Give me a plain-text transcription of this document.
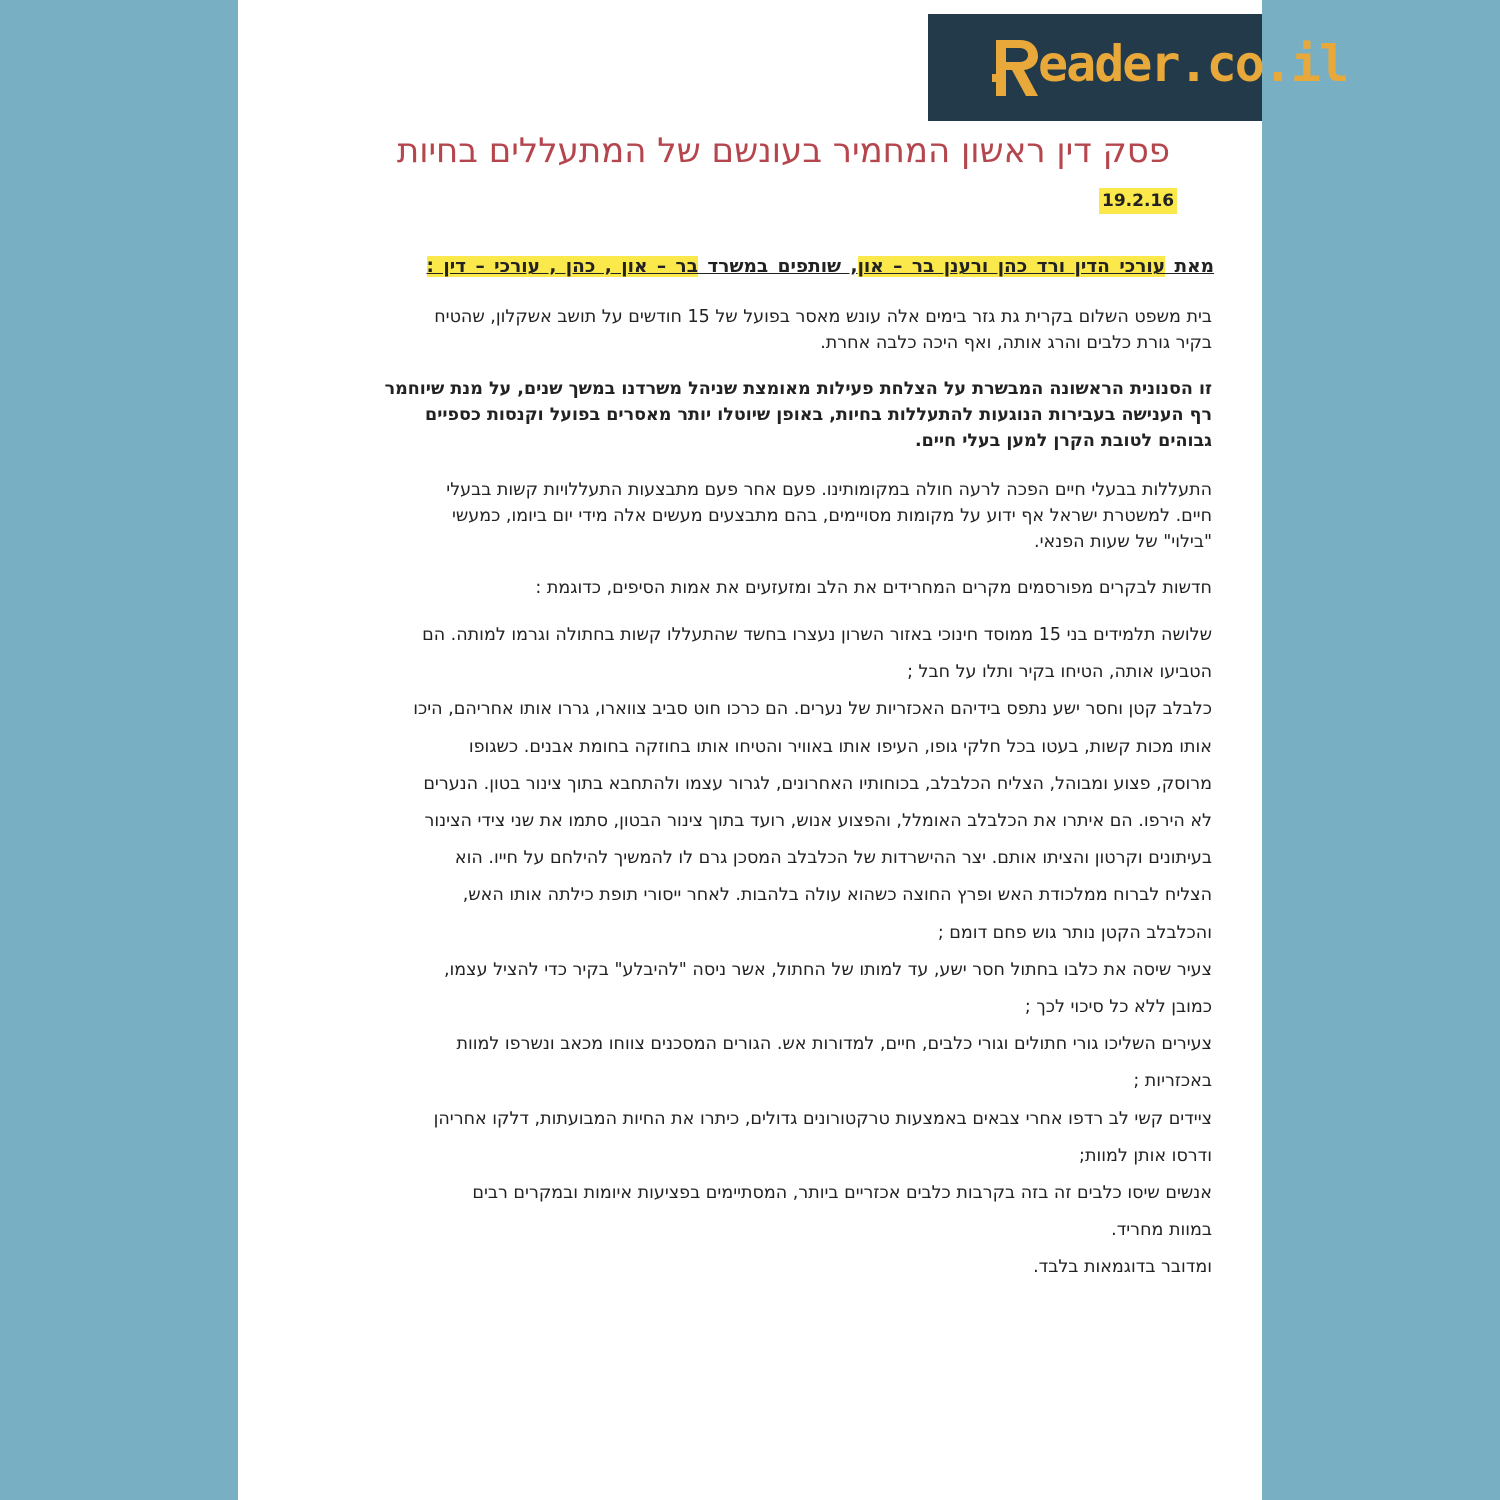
eader.co.il
פסק דין ראשון המחמיר בעונשם של המתעללים בחיות
19.2.16
מאת עורכי הדין ורד כהן ורענן בר – און, שותפים במשרד בר – און , כהן , עורכי – דין :
בית משפט השלום בקרית גת גזר בימים אלה עונש מאסר בפועל של 15 חודשים על תושב אשקלון, שהטיח
בקיר גורת כלבים והרג אותה, ואף היכה כלבה אחרת.
זו הסנונית הראשונה המבשרת על הצלחת פעילות מאומצת שניהל משרדנו במשך שנים, על מנת שיוחמר
רף הענישה בעבירות הנוגעות להתעללות בחיות, באופן שיוטלו יותר מאסרים בפועל וקנסות כספיים
גבוהים לטובת הקרן למען בעלי חיים.
התעללות בבעלי חיים הפכה לרעה חולה במקומותינו. פעם אחר פעם מתבצעות התעללויות קשות בבעלי
חיים. למשטרת ישראל אף ידוע על מקומות מסויימים, בהם מתבצעים מעשים אלה מידי יום ביומו, כמעשי
"בילוי" של שעות הפנאי.
חדשות לבקרים מפורסמים מקרים המחרידים את הלב ומזעזעים את אמות הסיפים, כדוגמת :
שלושה תלמידים בני 15 ממוסד חינוכי באזור השרון נעצרו בחשד שהתעללו קשות בחתולה וגרמו למותה. הם
הטביעו אותה, הטיחו בקיר ותלו על חבל ;
כלבלב קטן וחסר ישע נתפס בידיהם האכזריות של נערים. הם כרכו חוט סביב צווארו, גררו אותו אחריהם, היכו
אותו מכות קשות, בעטו בכל חלקי גופו, העיפו אותו באוויר והטיחו אותו בחוזקה בחומת אבנים. כשגופו
מרוסק, פצוע ומבוהל, הצליח הכלבלב, בכוחותיו האחרונים, לגרור עצמו ולהתחבא בתוך צינור בטון. הנערים
לא הירפו. הם איתרו את הכלבלב האומלל, והפצוע אנוש, רועד בתוך צינור הבטון, סתמו את שני צידי הצינור
בעיתונים וקרטון והציתו אותם. יצר ההישרדות של הכלבלב המסכן גרם לו להמשיך להילחם על חייו. הוא
הצליח לברוח ממלכודת האש ופרץ החוצה כשהוא עולה בלהבות. לאחר ייסורי תופת כילתה אותו האש,
והכלבלב הקטן נותר גוש פחם דומם ;
צעיר שיסה את כלבו בחתול חסר ישע, עד למותו של החתול, אשר ניסה "להיבלע" בקיר כדי להציל עצמו,
כמובן ללא כל סיכוי לכך ;
צעירים השליכו גורי חתולים וגורי כלבים, חיים, למדורות אש. הגורים המסכנים צווחו מכאב ונשרפו למוות
באכזריות ;
ציידים קשי לב רדפו אחרי צבאים באמצעות טרקטורונים גדולים, כיתרו את החיות המבועתות, דלקו אחריהן
ודרסו אותן למוות;
אנשים שיסו כלבים זה בזה בקרבות כלבים אכזריים ביותר, המסתיימים בפציעות איומות ובמקרים רבים
במוות מחריד.
ומדובר בדוגמאות בלבד.
